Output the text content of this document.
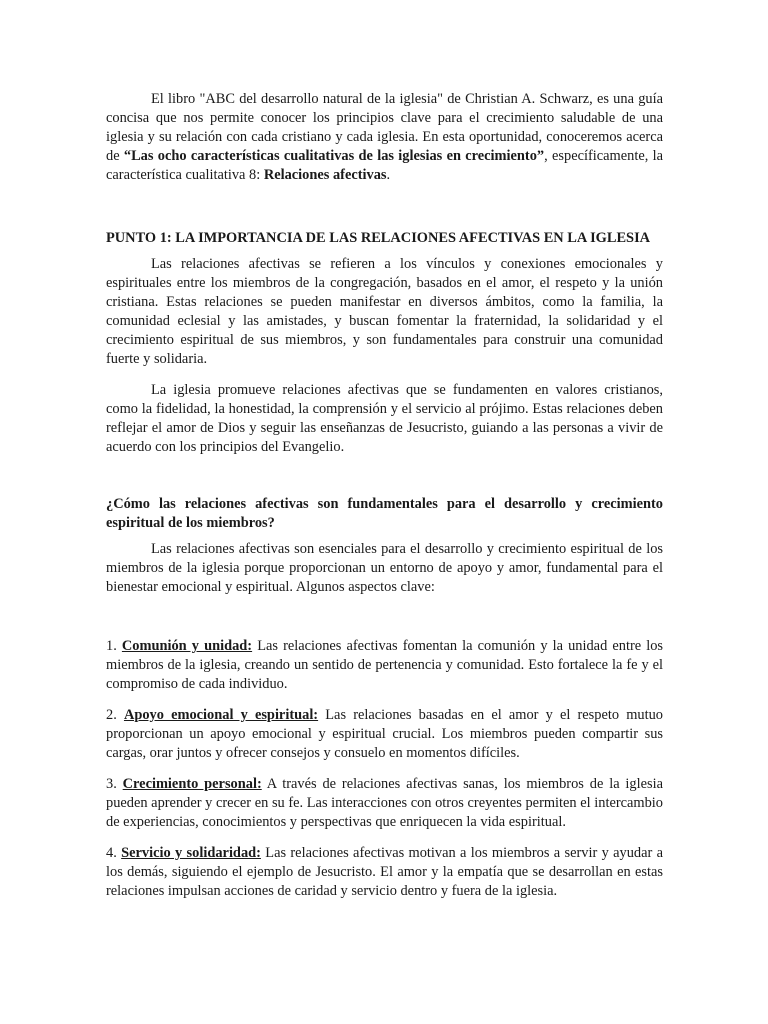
El libro "ABC del desarrollo natural de la iglesia" de Christian A. Schwarz, es una guía concisa que nos permite conocer los principios clave para el crecimiento saludable de una iglesia y su relación con cada cristiano y cada iglesia. En esta oportunidad, conoceremos acerca de “Las ocho características cualitativas de las iglesias en crecimiento”, específicamente, la característica cualitativa 8: Relaciones afectivas.

PUNTO 1: LA IMPORTANCIA DE LAS RELACIONES AFECTIVAS EN LA IGLESIA

Las relaciones afectivas se refieren a los vínculos y conexiones emocionales y espirituales entre los miembros de la congregación, basados en el amor, el respeto y la unión cristiana. Estas relaciones se pueden manifestar en diversos ámbitos, como la familia, la comunidad eclesial y las amistades, y buscan fomentar la fraternidad, la solidaridad y el crecimiento espiritual de sus miembros, y son fundamentales para construir una comunidad fuerte y solidaria.

La iglesia promueve relaciones afectivas que se fundamenten en valores cristianos, como la fidelidad, la honestidad, la comprensión y el servicio al prójimo. Estas relaciones deben reflejar el amor de Dios y seguir las enseñanzas de Jesucristo, guiando a las personas a vivir de acuerdo con los principios del Evangelio.

¿Cómo las relaciones afectivas son fundamentales para el desarrollo y crecimiento espiritual de los miembros?

Las relaciones afectivas son esenciales para el desarrollo y crecimiento espiritual de los miembros de la iglesia porque proporcionan un entorno de apoyo y amor, fundamental para el bienestar emocional y espiritual. Algunos aspectos clave:

1. Comunión y unidad: Las relaciones afectivas fomentan la comunión y la unidad entre los miembros de la iglesia, creando un sentido de pertenencia y comunidad. Esto fortalece la fe y el compromiso de cada individuo.

2. Apoyo emocional y espiritual: Las relaciones basadas en el amor y el respeto mutuo proporcionan un apoyo emocional y espiritual crucial. Los miembros pueden compartir sus cargas, orar juntos y ofrecer consejos y consuelo en momentos difíciles.

3. Crecimiento personal: A través de relaciones afectivas sanas, los miembros de la iglesia pueden aprender y crecer en su fe. Las interacciones con otros creyentes permiten el intercambio de experiencias, conocimientos y perspectivas que enriquecen la vida espiritual.

4. Servicio y solidaridad: Las relaciones afectivas motivan a los miembros a servir y ayudar a los demás, siguiendo el ejemplo de Jesucristo. El amor y la empatía que se desarrollan en estas relaciones impulsan acciones de caridad y servicio dentro y fuera de la iglesia.
